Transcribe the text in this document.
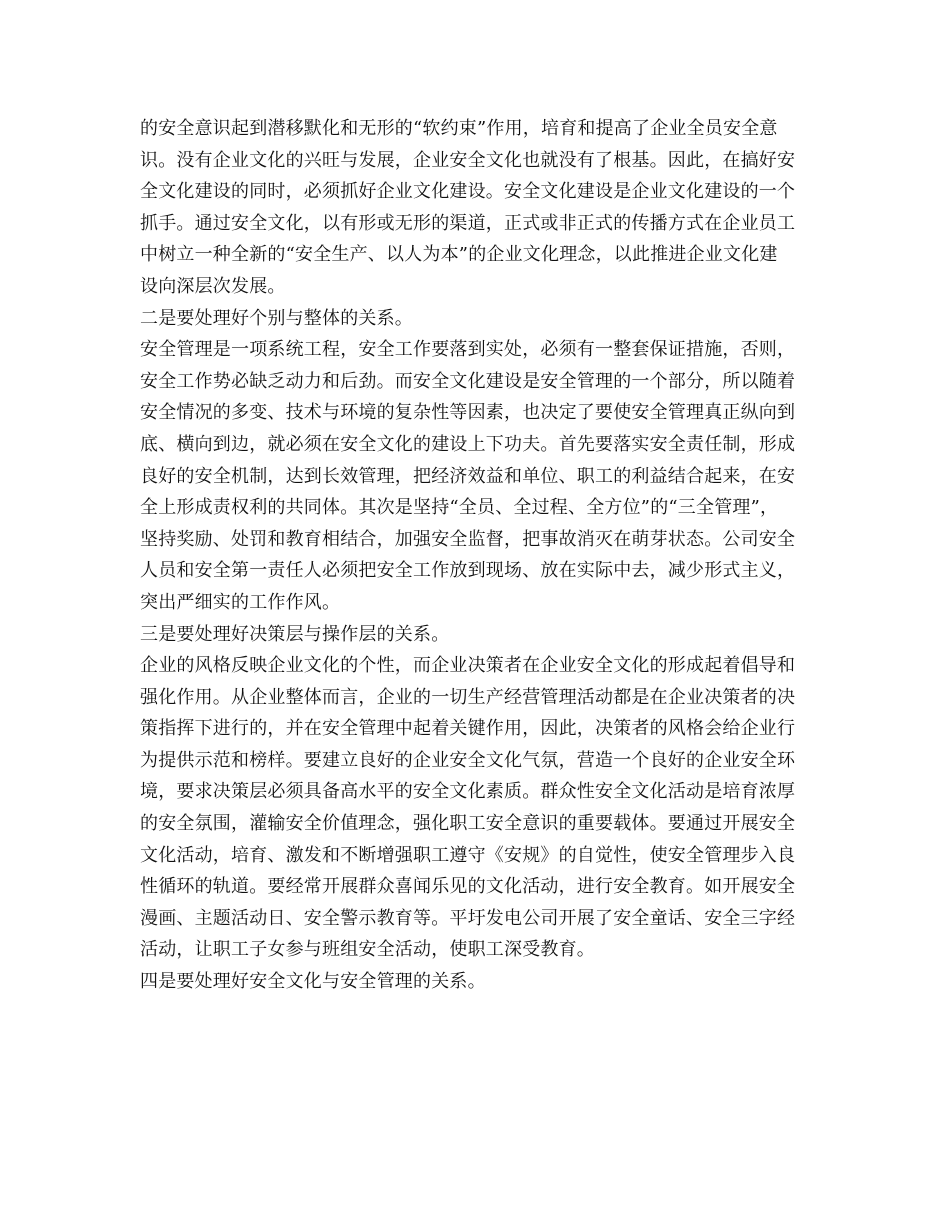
的安全意识起到潜移默化和无形的“软约束”作用，培育和提高了企业全员安全意
识。没有企业文化的兴旺与发展，企业安全文化也就没有了根基。因此，在搞好安
全文化建设的同时，必须抓好企业文化建设。安全文化建设是企业文化建设的一个
抓手。通过安全文化，以有形或无形的渠道，正式或非正式的传播方式在企业员工
中树立一种全新的“安全生产、以人为本”的企业文化理念，以此推进企业文化建
设向深层次发展。
二是要处理好个别与整体的关系。
安全管理是一项系统工程，安全工作要落到实处，必须有一整套保证措施，否则，
安全工作势必缺乏动力和后劲。而安全文化建设是安全管理的一个部分，所以随着
安全情况的多变、技术与环境的复杂性等因素，也决定了要使安全管理真正纵向到
底、横向到边，就必须在安全文化的建设上下功夫。首先要落实安全责任制，形成
良好的安全机制，达到长效管理，把经济效益和单位、职工的利益结合起来，在安
全上形成责权利的共同体。其次是坚持“全员、全过程、全方位”的“三全管理”，
坚持奖励、处罚和教育相结合，加强安全监督，把事故消灭在萌芽状态。公司安全
人员和安全第一责任人必须把安全工作放到现场、放在实际中去，减少形式主义，
突出严细实的工作作风。
三是要处理好决策层与操作层的关系。
企业的风格反映企业文化的个性，而企业决策者在企业安全文化的形成起着倡导和
强化作用。从企业整体而言，企业的一切生产经营管理活动都是在企业决策者的决
策指挥下进行的，并在安全管理中起着关键作用，因此，决策者的风格会给企业行
为提供示范和榜样。要建立良好的企业安全文化气氛，营造一个良好的企业安全环
境，要求决策层必须具备高水平的安全文化素质。群众性安全文化活动是培育浓厚
的安全氛围，灌输安全价值理念，强化职工安全意识的重要载体。要通过开展安全
文化活动，培育、激发和不断增强职工遵守《安规》的自觉性，使安全管理步入良
性循环的轨道。要经常开展群众喜闻乐见的文化活动，进行安全教育。如开展安全
漫画、主题活动日、安全警示教育等。平圩发电公司开展了安全童话、安全三字经
活动，让职工子女参与班组安全活动，使职工深受教育。
四是要处理好安全文化与安全管理的关系。
